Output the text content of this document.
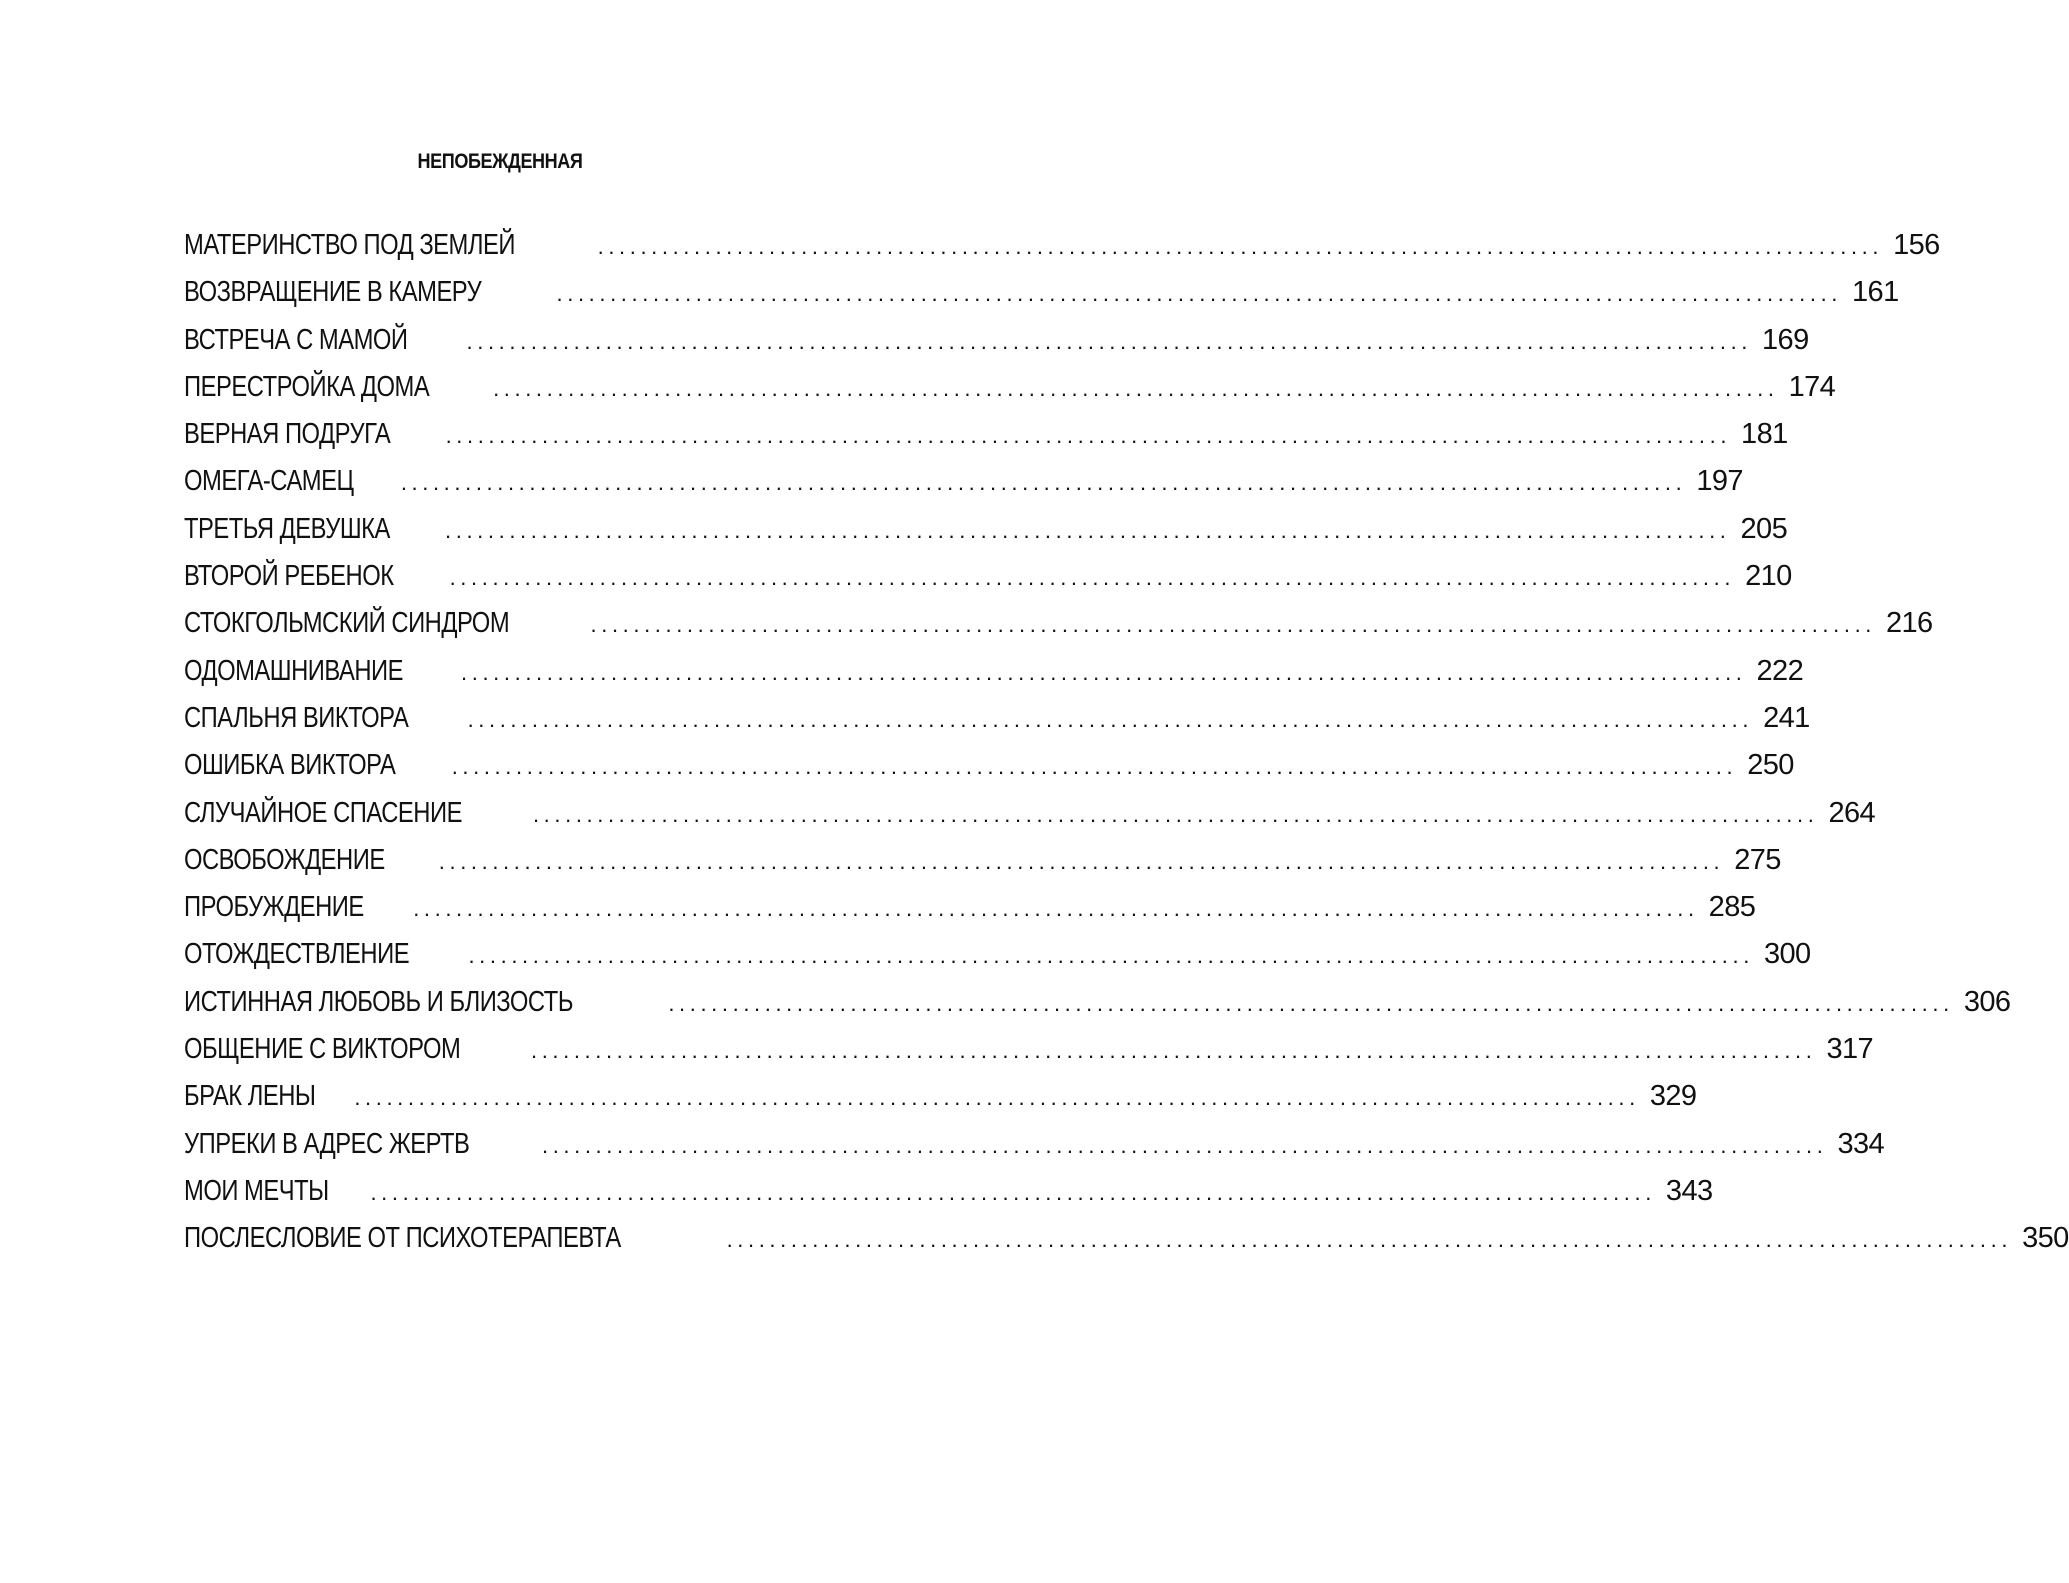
НЕПОБЕЖДЕННАЯ
МАТЕРИНСТВО ПОД ЗЕМЛЕЙ	........................................................................................................................ 156
ВОЗВРАЩЕНИЕ В КАМЕРУ	........................................................................................................................ 161
ВСТРЕЧА С МАМОЙ	........................................................................................................................ 169
ПЕРЕСТРОЙКА ДОМА	........................................................................................................................ 174
ВЕРНАЯ ПОДРУГА	........................................................................................................................ 181
ОМЕГА-САМЕЦ ........................................................................................................................ 197
ТРЕТЬЯ ДЕВУШКА	........................................................................................................................ 205
ВТОРОЙ РЕБЕНОК	........................................................................................................................ 210
СТОКГОЛЬМСКИЙ СИНДРОМ	........................................................................................................................ 216
ОДОМАШНИВАНИЕ	........................................................................................................................ 222
СПАЛЬНЯ ВИКТОРА	........................................................................................................................ 241
ОШИБКА ВИКТОРА	........................................................................................................................ 250
СЛУЧАЙНОЕ СПАСЕНИЕ	........................................................................................................................ 264
ОСВОБОЖДЕНИЕ ........................................................................................................................ 275
ПРОБУЖДЕНИЕ ........................................................................................................................ 285
ОТОЖДЕСТВЛЕНИЕ	........................................................................................................................ 300
ИСТИННАЯ ЛЮБОВЬ И БЛИЗОСТЬ	........................................................................................................................ 306
ОБЩЕНИЕ С ВИКТОРОМ	........................................................................................................................ 317
БРАК ЛЕНЫ ........................................................................................................................ 329
УПРЕКИ В АДРЕС ЖЕРТВ	........................................................................................................................ 334
МОИ МЕЧТЫ ........................................................................................................................ 343
ПОСЛЕСЛОВИЕ ОТ ПСИХОТЕРАПЕВТА	........................................................................................................................ 350
